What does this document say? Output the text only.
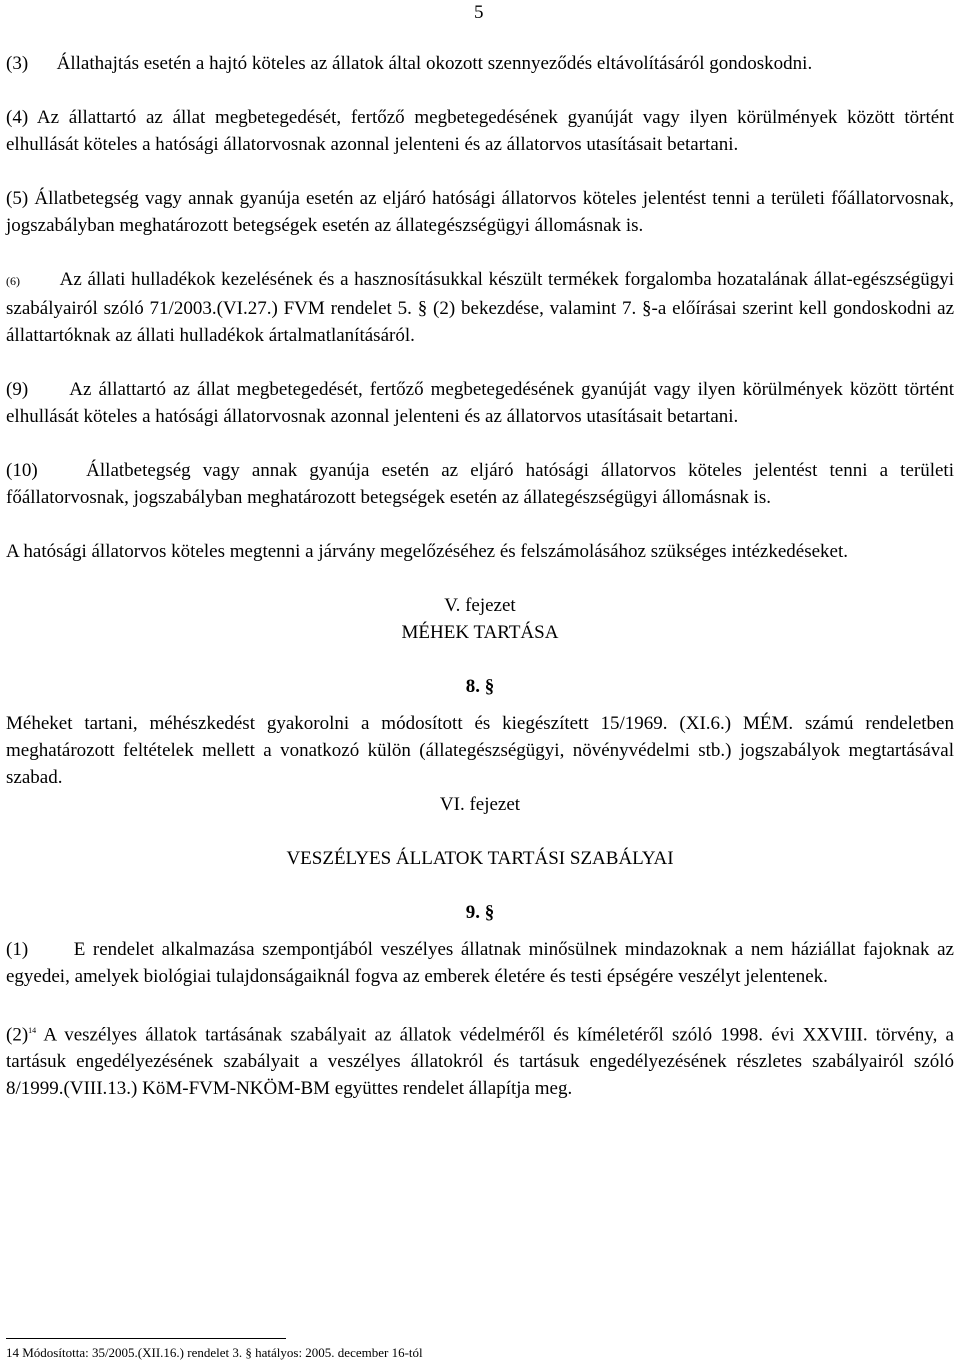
5

(3)      Állathajtás esetén a hajtó köteles az állatok által okozott szennyeződés eltávolításáról gondoskodni.

(4) Az állattartó az állat megbetegedését, fertőző megbetegedésének gyanúját vagy ilyen körülmények között történt elhullását köteles a hatósági állatorvosnak azonnal jelenteni és az állatorvos utasításait betartani.

(5) Állatbetegség vagy annak gyanúja esetén az eljáró hatósági állatorvos köteles jelentést tenni a területi főállatorvosnak, jogszabályban meghatározott betegségek esetén az állategészségügyi állomásnak is.

(6) Az állati hulladékok kezelésének és a hasznosításukkal készült termékek forgalomba hozatalának állat-egészségügyi szabályairól szóló 71/2003.(VI.27.) FVM rendelet 5. § (2) bekezdése, valamint 7. §-a előírásai szerint kell gondoskodni az állattartóknak az állati hulladékok ártalmatlanításáról.

(9)      Az állattartó az állat megbetegedését, fertőző megbetegedésének gyanúját vagy ilyen körülmények között történt elhullását köteles a hatósági állatorvosnak azonnal jelenteni és az állatorvos utasításait betartani.

(10)    Állatbetegség vagy annak gyanúja esetén az eljáró hatósági állatorvos köteles jelentést tenni a területi főállatorvosnak, jogszabályban meghatározott betegségek esetén az állategészségügyi állomásnak is.

A hatósági állatorvos köteles megtenni a járvány megelőzéséhez és felszámolásához szükséges intézkedéseket.

V. fejezet

MÉHEK TARTÁSA

8. §

Méheket tartani, méhészkedést gyakorolni a módosított és kiegészített 15/1969. (XI.6.) MÉM. számú rendeletben meghatározott feltételek mellett a vonatkozó külön (állategészségügyi, növényvédelmi stb.) jogszabályok megtartásával szabad.

VI. fejezet

VESZÉLYES ÁLLATOK TARTÁSI SZABÁLYAI

9. §

(1)      E rendelet alkalmazása szempontjából veszélyes állatnak minősülnek mindazoknak a nem háziállat fajoknak az egyedei, amelyek biológiai tulajdonságaiknál fogva az emberek életére és testi épségére veszélyt jelentenek.

$(2)^{14}$ A veszélyes állatok tartásának szabályait az állatok védelméről és kíméletéről szóló 1998. évi XXVIII. törvény, a tartásuk engedélyezésének szabályait a veszélyes állatokról és tartásuk engedélyezésének részletes szabályairól szóló 8/1999.(VIII.13.) KöM-FVM-NKÖM-BM együttes rendelet állapítja meg.

14 Módosította: 35/2005.(XII.16.) rendelet 3. § hatályos: 2005. december 16-tól
